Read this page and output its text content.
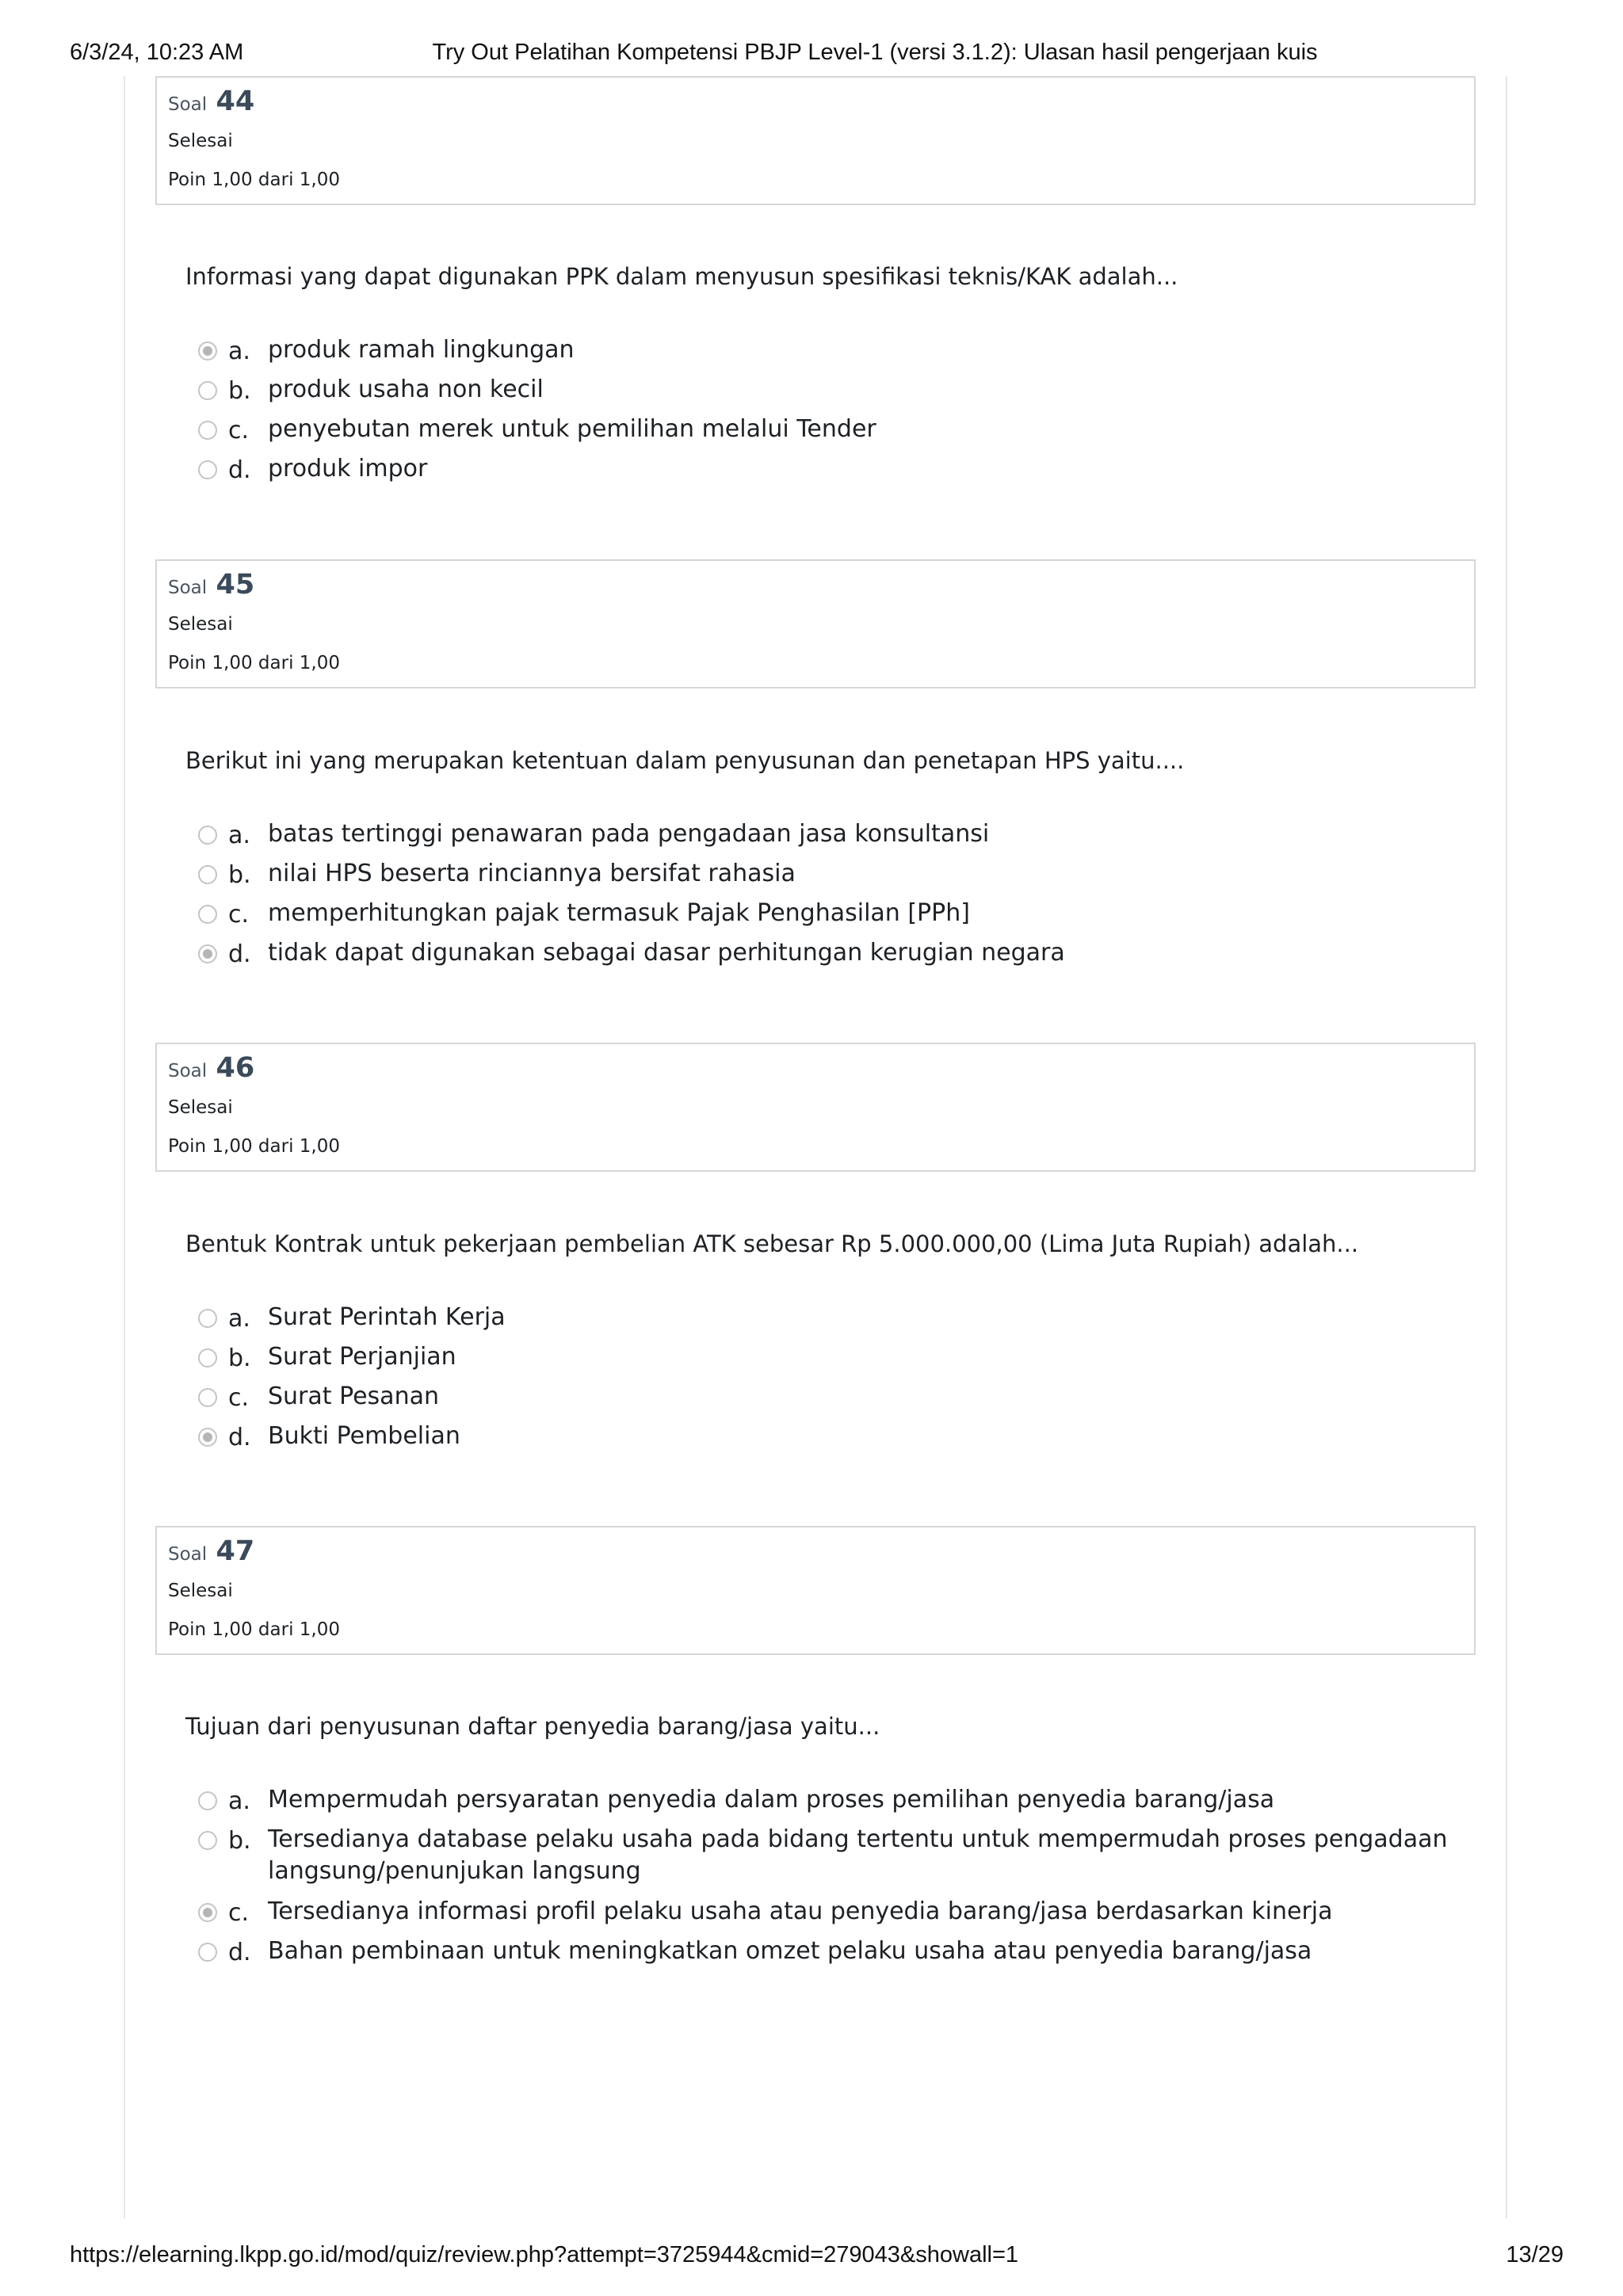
6/3/24, 10:23 AM	Try Out Pelatihan Kompetensi PBJP Level-1 (versi 3.1.2): Ulasan hasil pengerjaan kuis
Soal 44
Selesai
Poin 1,00 dari 1,00
Informasi yang dapat digunakan PPK dalam menyusun spesifikasi teknis/KAK adalah...
a. produk ramah lingkungan
b. produk usaha non kecil
c. penyebutan merek untuk pemilihan melalui Tender
d. produk impor
Soal 45
Selesai
Poin 1,00 dari 1,00
Berikut ini yang merupakan ketentuan dalam penyusunan dan penetapan HPS yaitu....
a. batas tertinggi penawaran pada pengadaan jasa konsultansi
b. nilai HPS beserta rinciannya bersifat rahasia
c. memperhitungkan pajak termasuk Pajak Penghasilan [PPh]
d. tidak dapat digunakan sebagai dasar perhitungan kerugian negara
Soal 46
Selesai
Poin 1,00 dari 1,00
Bentuk Kontrak untuk pekerjaan pembelian ATK sebesar Rp 5.000.000,00 (Lima Juta Rupiah) adalah...
a. Surat Perintah Kerja
b. Surat Perjanjian
c. Surat Pesanan
d. Bukti Pembelian
Soal 47
Selesai
Poin 1,00 dari 1,00
Tujuan dari penyusunan daftar penyedia barang/jasa yaitu...
a. Mempermudah persyaratan penyedia dalam proses pemilihan penyedia barang/jasa
b. Tersedianya database pelaku usaha pada bidang tertentu untuk mempermudah proses pengadaan langsung/penunjukan langsung
c. Tersedianya informasi profil pelaku usaha atau penyedia barang/jasa berdasarkan kinerja
d. Bahan pembinaan untuk meningkatkan omzet pelaku usaha atau penyedia barang/jasa
https://elearning.lkpp.go.id/mod/quiz/review.php?attempt=3725944&cmid=279043&showall=1	13/29
